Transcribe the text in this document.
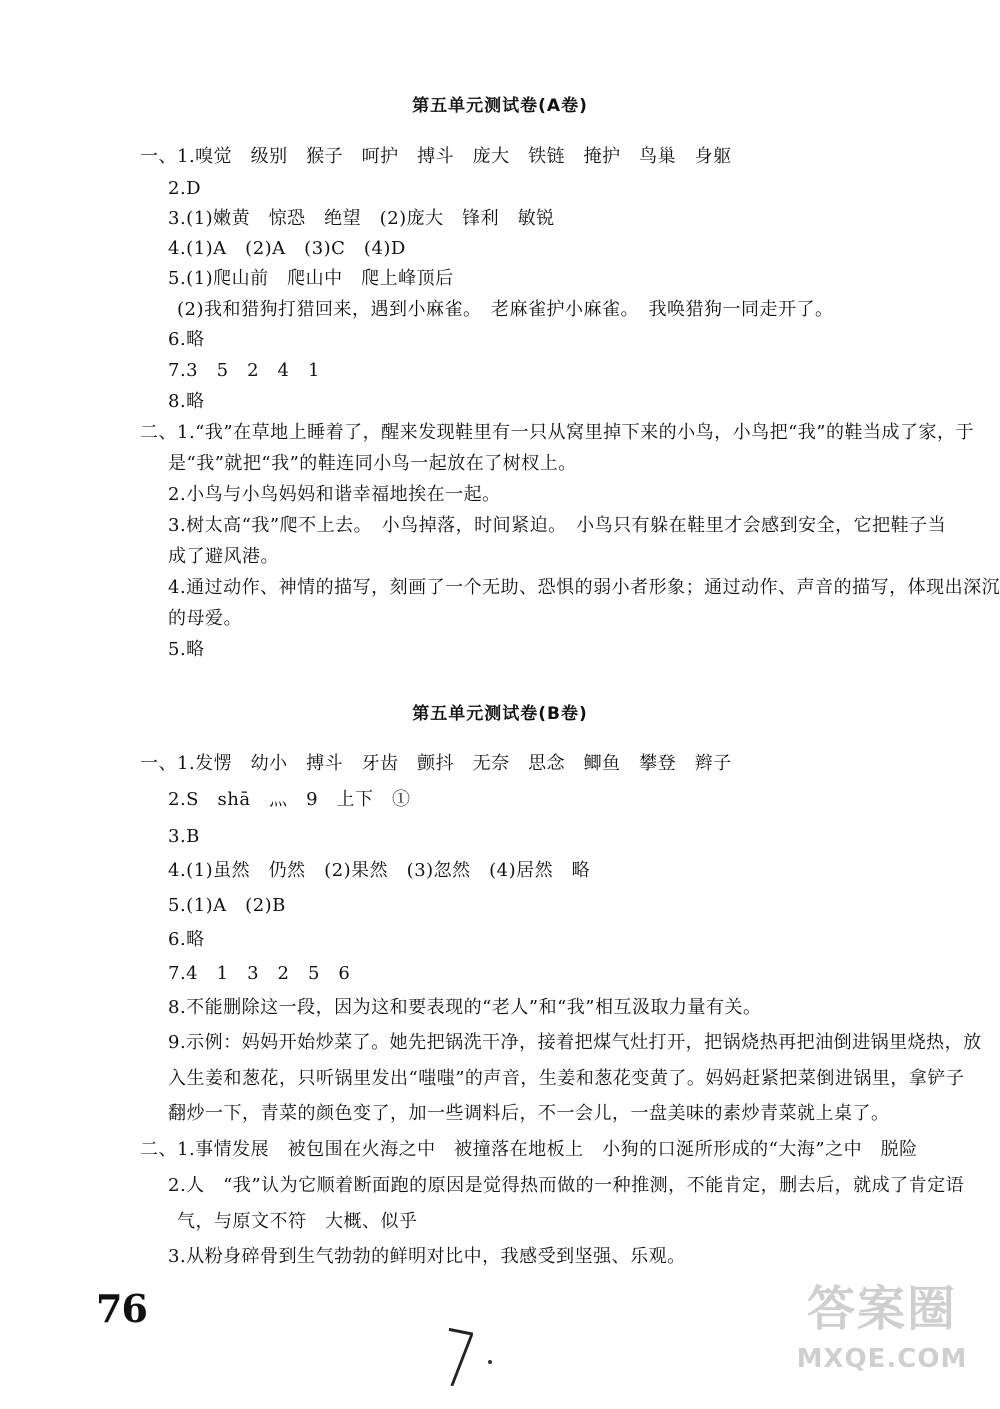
第五单元测试卷(A卷)
一、1.嗅觉　级别　猴子　呵护　搏斗　庞大　铁链　掩护　鸟巢　身躯
2.D
3.(1)嫩黄　惊恐　绝望　(2)庞大　锋利　敏锐
4.(1)A　(2)A　(3)C　(4)D
5.(1)爬山前　爬山中　爬上峰顶后
(2)我和猎狗打猎回来，遇到小麻雀。　老麻雀护小麻雀。　我唤猎狗一同走开了。
6.略
7.3　5　2　4　1
8.略
二、1.“我”在草地上睡着了，醒来发现鞋里有一只从窝里掉下来的小鸟，小鸟把“我”的鞋当成了家，于
是“我”就把“我”的鞋连同小鸟一起放在了树杈上。
2.小鸟与小鸟妈妈和谐幸福地挨在一起。
3.树太高“我”爬不上去。　小鸟掉落，时间紧迫。　小鸟只有躲在鞋里才会感到安全，它把鞋子当
成了避风港。
4.通过动作、神情的描写，刻画了一个无助、恐惧的弱小者形象；通过动作、声音的描写，体现出深沉
的母爱。
5.略
第五单元测试卷(B卷)
一、1.发愣　幼小　搏斗　牙齿　颤抖　无奈　思念　鲫鱼　攀登　辫子
2.S　shā　灬　9　上下　①
3.B
4.(1)虽然　仍然　(2)果然　(3)忽然　(4)居然　略
5.(1)A　(2)B
6.略
7.4　1　3　2　5　6
8.不能删除这一段，因为这和要表现的“老人”和“我”相互汲取力量有关。
9.示例：妈妈开始炒菜了。她先把锅洗干净，接着把煤气灶打开，把锅烧热再把油倒进锅里烧热，放
入生姜和葱花，只听锅里发出“嗤嗤”的声音，生姜和葱花变黄了。妈妈赶紧把菜倒进锅里，拿铲子
翻炒一下，青菜的颜色变了，加一些调料后，不一会儿，一盘美味的素炒青菜就上桌了。
二、1.事情发展　被包围在火海之中　被撞落在地板上　小狗的口涎所形成的“大海”之中　脱险
2.人　“我”认为它顺着断面跑的原因是觉得热而做的一种推测，不能肯定，删去后，就成了肯定语
气，与原文不符　大概、似乎
3.从粉身碎骨到生气勃勃的鲜明对比中，我感受到坚强、乐观。
76
7
答案圈
MXQE.COM
